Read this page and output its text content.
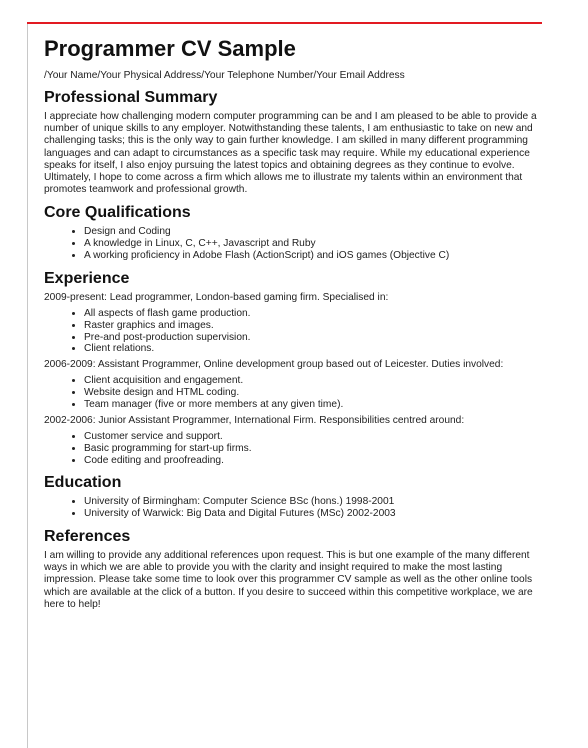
Programmer CV Sample
/Your Name/Your Physical Address/Your Telephone Number/Your Email Address
Professional Summary

I appreciate how challenging modern computer programming can be and I am pleased to be able to provide a number of unique skills to any employer. Notwithstanding these talents, I am enthusiastic to take on new and challenging tasks; this is the only way to gain further knowledge. I am skilled in many different programming languages and can adapt to circumstances as a specific task may require. While my educational experience speaks for itself, I also enjoy pursuing the latest topics and obtaining degrees as they continue to evolve. Ultimately, I hope to come across a firm which allows me to illustrate my talents within an environment that promotes teamwork and professional growth.

Core Qualifications
• Design and Coding
• A knowledge in Linux, C, C++, Javascript and Ruby
• A working proficiency in Adobe Flash (ActionScript) and iOS games (Objective C)
Experience

2009-present: Lead programmer, London-based gaming firm. Specialised in:

• All aspects of flash game production.
• Raster graphics and images.
• Pre-and post-production supervision.
• Client relations.

2006-2009: Assistant Programmer, Online development group based out of Leicester. Duties involved:

• Client acquisition and engagement.
• Website design and HTML coding.
• Team manager (five or more members at any given time).

2002-2006: Junior Assistant Programmer, International Firm. Responsibilities centred around:

• Customer service and support.
• Basic programming for start-up firms.
• Code editing and proofreading.
Education
• University of Birmingham: Computer Science BSc (hons.) 1998-2001
• University of Warwick: Big Data and Digital Futures (MSc) 2002-2003
References

I am willing to provide any additional references upon request. This is but one example of the many different ways in which we are able to provide you with the clarity and insight required to make the most lasting impression. Please take some time to look over this programmer CV sample as well as the other online tools which are available at the click of a button. If you desire to succeed within this competitive workplace, we are here to help!
